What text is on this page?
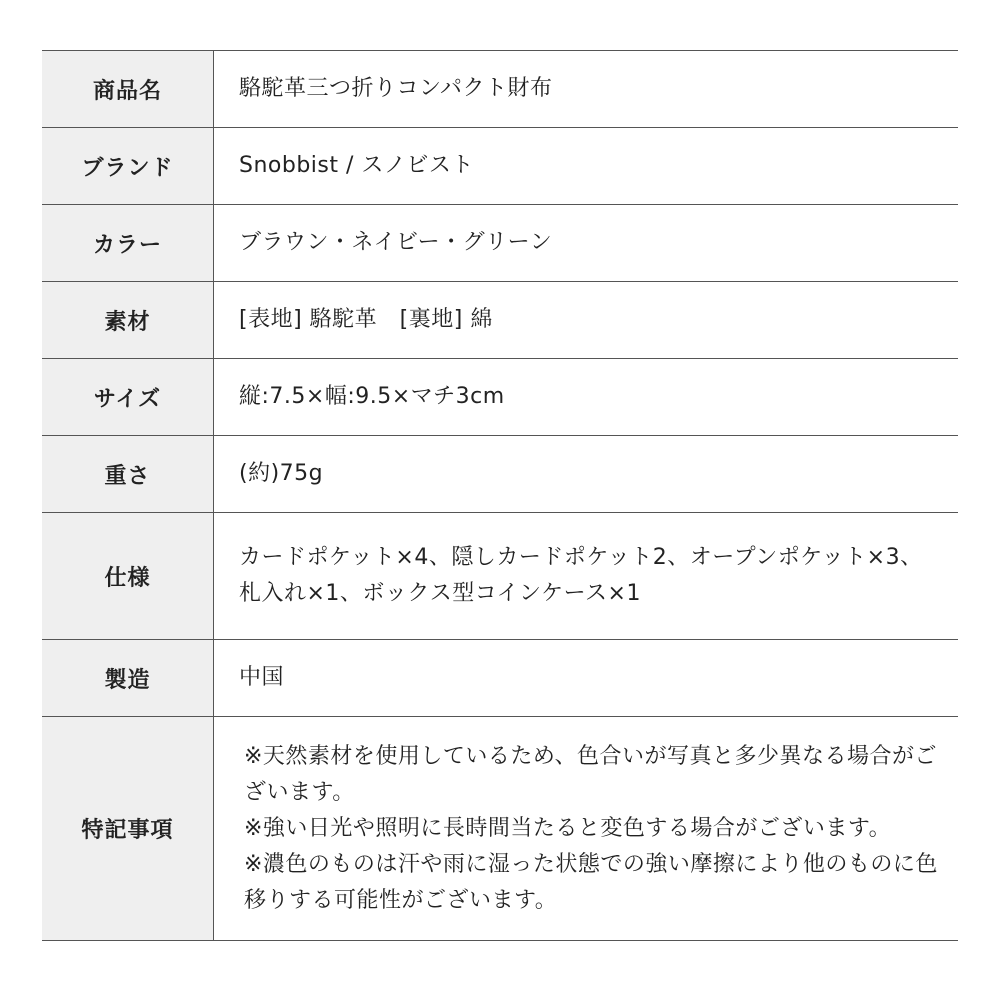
商品名	駱駝革三つ折りコンパクト財布

ブランド	Snobbist / スノビスト

カラー	ブラウン・ネイビー・グリーン

素材	[表地] 駱駝革　[裏地] 綿

サイズ	縦:7.5×幅:9.5×マチ3cm

重さ	(約)75g

仕様	カードポケット×4、隠しカードポケット2、オープンポケット×3、
札入れ×1、ボックス型コインケース×1

製造	中国

特記事項	※天然素材を使用しているため、色合いが写真と多少異なる場合がございます。
※強い日光や照明に長時間当たると変色する場合がございます。
※濃色のものは汗や雨に湿った状態での強い摩擦により他のものに色移りする可能性がございます。
